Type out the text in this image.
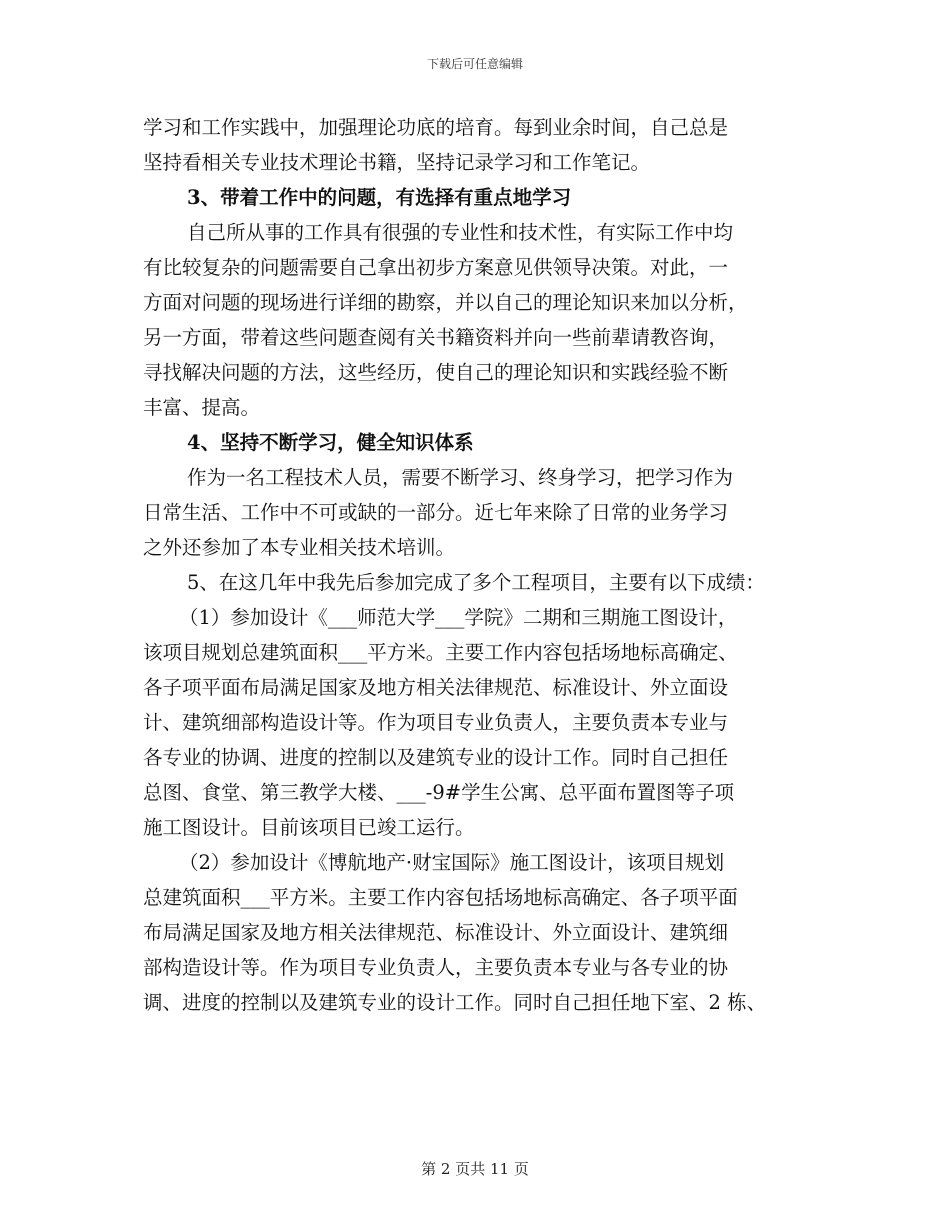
下载后可任意编辑
学习和工作实践中，加强理论功底的培育。每到业余时间，自己总是
坚持看相关专业技术理论书籍，坚持记录学习和工作笔记。
3、带着工作中的问题，有选择有重点地学习
自己所从事的工作具有很强的专业性和技术性，有实际工作中均
有比较复杂的问题需要自己拿出初步方案意见供领导决策。对此，一
方面对问题的现场进行详细的勘察，并以自己的理论知识来加以分析，
另一方面，带着这些问题查阅有关书籍资料并向一些前辈请教咨询，
寻找解决问题的方法，这些经历，使自己的理论知识和实践经验不断
丰富、提高。
4、坚持不断学习，健全知识体系
作为一名工程技术人员，需要不断学习、终身学习，把学习作为
日常生活、工作中不可或缺的一部分。近七年来除了日常的业务学习
之外还参加了本专业相关技术培训。
5、在这几年中我先后参加完成了多个工程项目，主要有以下成绩：
（1）参加设计《___师范大学___学院》二期和三期施工图设计，
该项目规划总建筑面积___平方米。主要工作内容包括场地标高确定、
各子项平面布局满足国家及地方相关法律规范、标准设计、外立面设
计、建筑细部构造设计等。作为项目专业负责人，主要负责本专业与
各专业的协调、进度的控制以及建筑专业的设计工作。同时自己担任
总图、食堂、第三教学大楼、___-9#学生公寓、总平面布置图等子项
施工图设计。目前该项目已竣工运行。
（2）参加设计《博航地产·财宝国际》施工图设计，该项目规划
总建筑面积___平方米。主要工作内容包括场地标高确定、各子项平面
布局满足国家及地方相关法律规范、标准设计、外立面设计、建筑细
部构造设计等。作为项目专业负责人，主要负责本专业与各专业的协
调、进度的控制以及建筑专业的设计工作。同时自己担任地下室、2 栋、
第 2 页共 11 页
